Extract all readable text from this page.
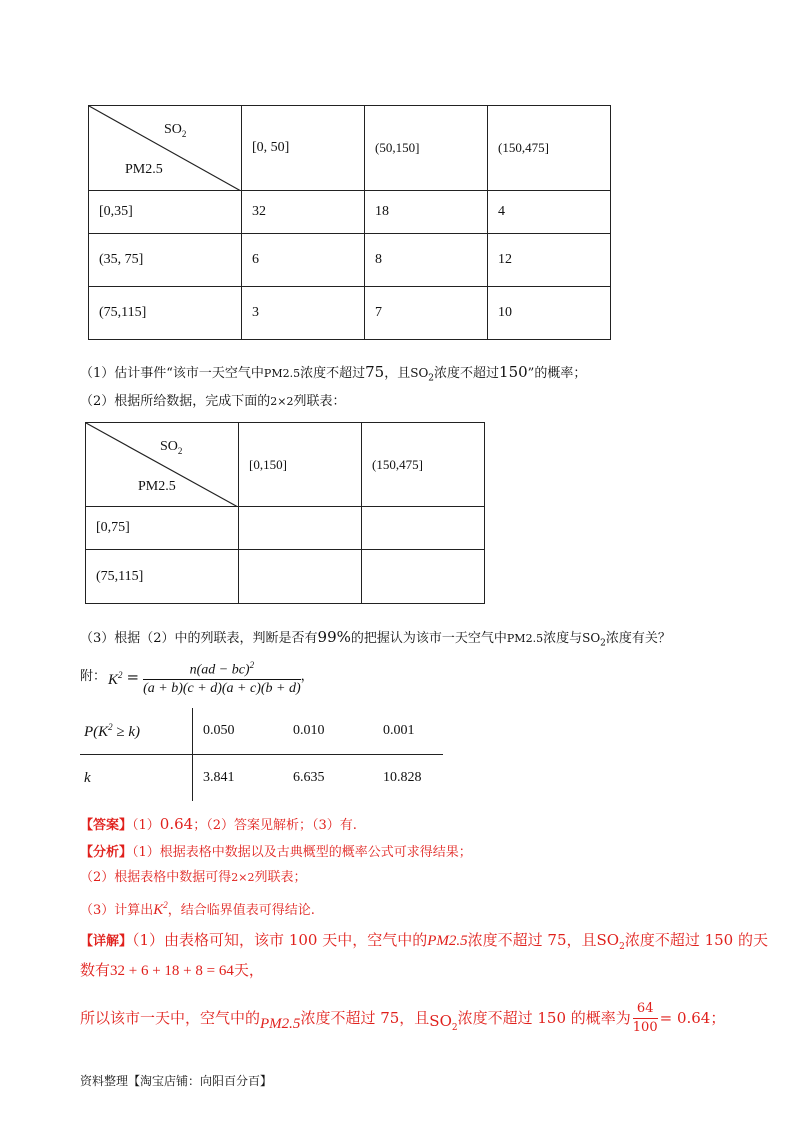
$SO_2$
PM2.5	[0, 50]	(50,150]	(150,475]
[0,35]	32	18	4
(35, 75]	6	8	12
(75,115]	3	7	10
（1）估计事件“该市一天空气中PM2.5浓度不超过75，且$SO_2$浓度不超过150”的概率；
（2）根据所给数据，完成下面的2×2列联表：
$SO_2$
PM2.5	[0,150]	(150,475]
[0,75]		
(75,115]		
（3）根据（2）中的列联表，判断是否有99%的把握认为该市一天空气中PM2.5浓度与$SO_2$浓度有关？
附： $K^2 = \frac{n(ad - bc)^2}{(a + b)(c + d)(a + c)(b + d)}$ ，
$P(K^2 \ge k)$	0.050	0.010	0.001
k	3.841	6.635	10.828
【答案】（1）0.64；（2）答案见解析；（3）有.
【分析】（1）根据表格中数据以及古典概型的概率公式可求得结果；
（2）根据表格中数据可得2×2列联表；
（3）计算出$K^2$，结合临界值表可得结论.
【详解】（1）由表格可知，该市 100 天中，空气中的PM2.5浓度不超过 75，且$SO_2$浓度不超过 150 的天
数有32 + 6 + 18 + 8 = 64天，
所以该市一天中，空气中的 PM2.5 浓度不超过 75，且 $SO_2$
浓度不超过 150 的概率为 $\frac{64}{100} = 0.64$ ；
资料整理【淘宝店铺：向阳百分百】
